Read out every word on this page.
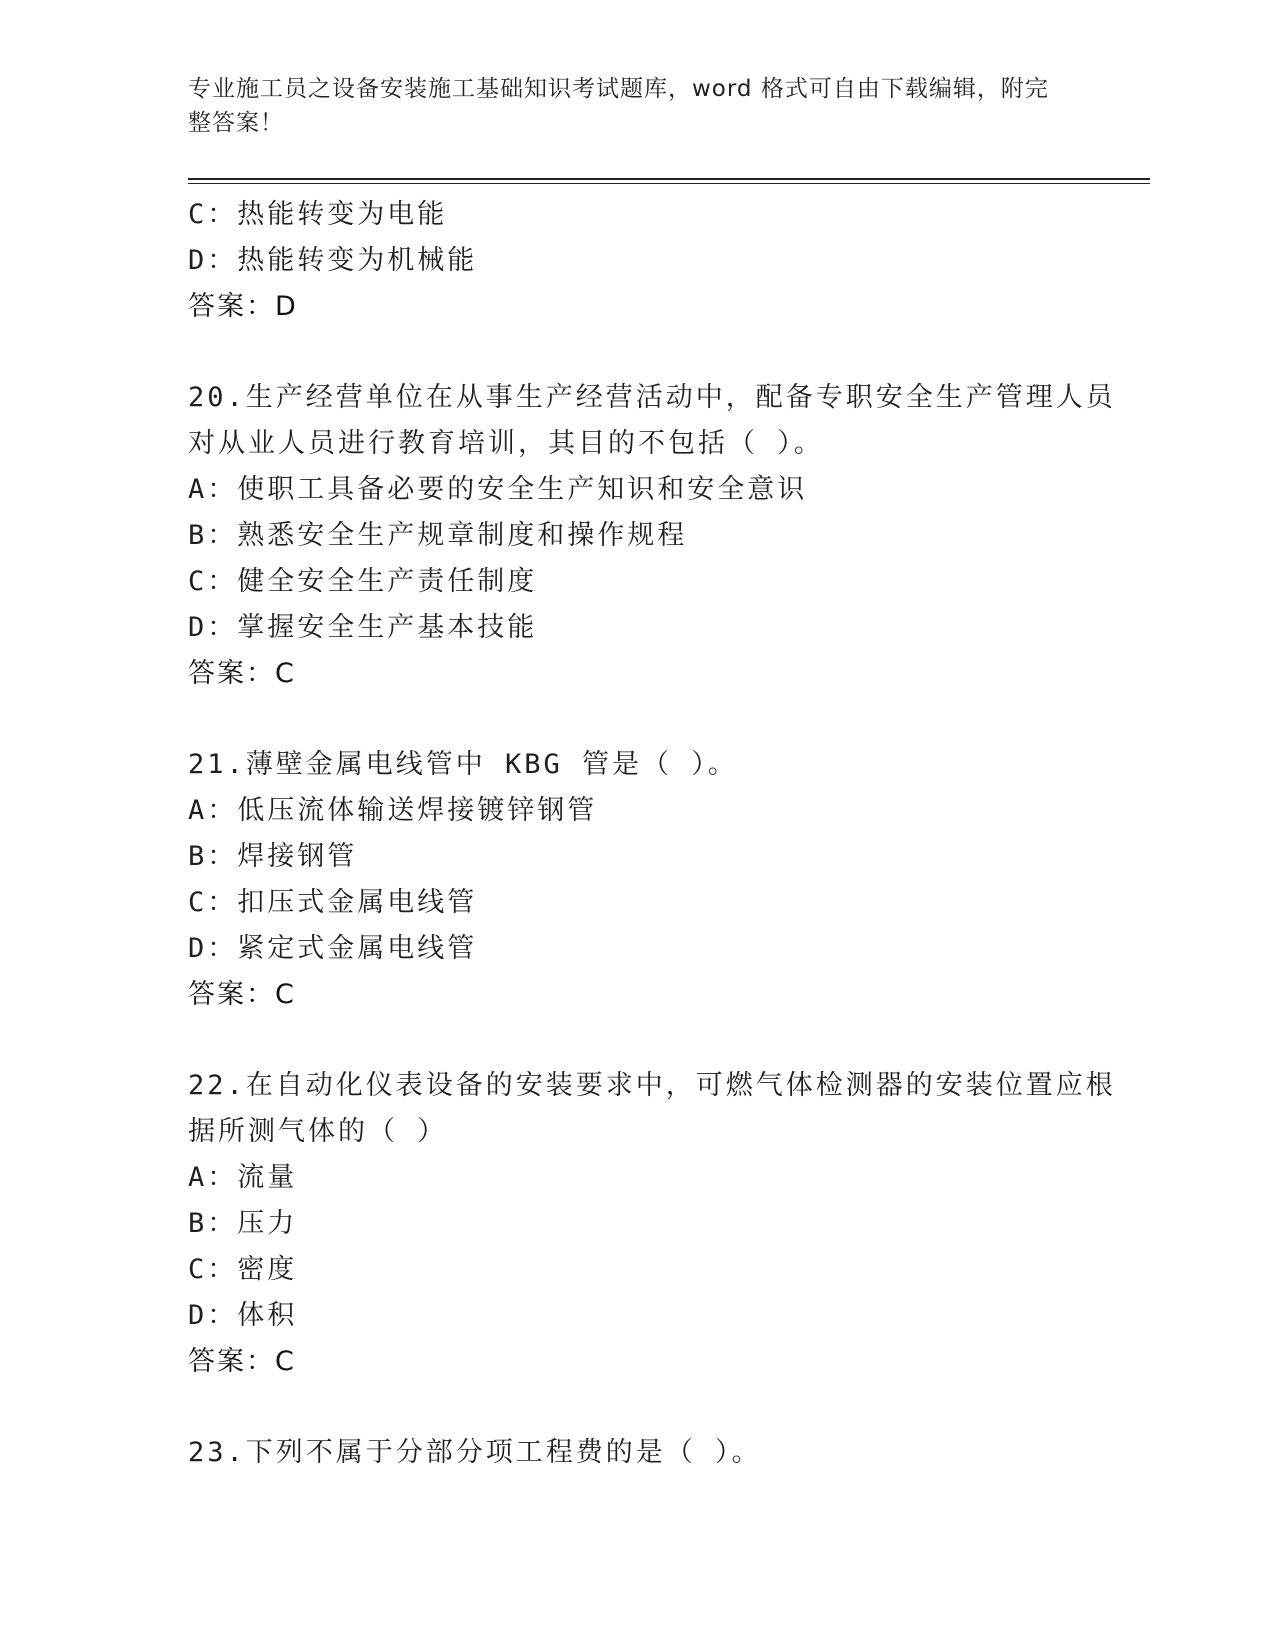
专业施工员之设备安装施工基础知识考试题库，word 格式可自由下载编辑，附完
整答案！
C：热能转变为电能
D：热能转变为机械能
答案：D
20.生产经营单位在从事生产经营活动中，配备专职安全生产管理人员
对从业人员进行教育培训，其目的不包括（ ）。
A：使职工具备必要的安全生产知识和安全意识
B：熟悉安全生产规章制度和操作规程
C：健全安全生产责任制度
D：掌握安全生产基本技能
答案：C
21.薄壁金属电线管中 KBG 管是（ ）。
A：低压流体输送焊接镀锌钢管
B：焊接钢管
C：扣压式金属电线管
D：紧定式金属电线管
答案：C
22.在自动化仪表设备的安装要求中，可燃气体检测器的安装位置应根
据所测气体的（ ）
A：流量
B：压力
C：密度
D：体积
答案：C
23.下列不属于分部分项工程费的是（ ）。
